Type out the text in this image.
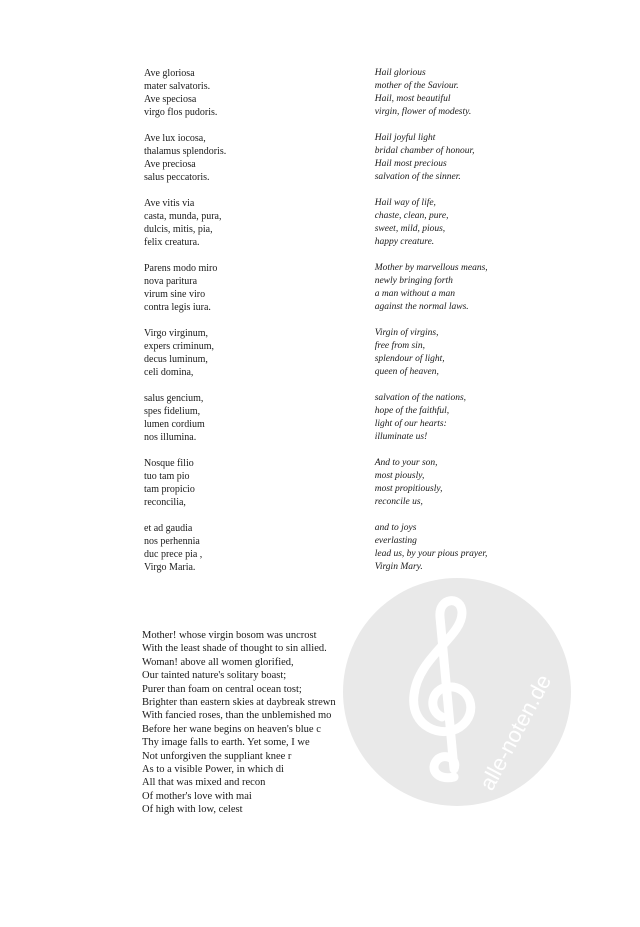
Ave gloriosa
mater salvatoris.
Ave speciosa
virgo flos pudoris.
Hail glorious
mother of the Saviour.
Hail, most beautiful
virgin, flower of modesty.
Ave lux iocosa,
thalamus splendoris.
Ave preciosa
salus peccatoris.
Hail joyful light
bridal chamber of honour,
Hail most precious
salvation of the sinner.
Ave vitis via
casta, munda, pura,
dulcis, mitis, pia,
felix creatura.
Hail way of life,
chaste, clean, pure,
sweet, mild, pious,
happy creature.
Parens modo miro
nova paritura
virum sine viro
contra legis iura.
Mother by marvellous means,
newly bringing forth
a man without a man
against the normal laws.
Virgo virginum,
expers criminum,
decus luminum,
celi domina,
Virgin of virgins,
free from sin,
splendour of light,
queen of heaven,
salus gencium,
spes fidelium,
lumen cordium
nos illumina.
salvation of the nations,
hope of the faithful,
light of our hearts:
illuminate us!
Nosque filio
tuo tam pio
tam propicio
reconcilia,
And to your son,
most piously,
most propitiously,
reconcile us,
et ad gaudia
nos perhennia
duc prece pia ,
Virgo Maria.
and to joys
everlasting
lead us, by your pious prayer,
Virgin Mary.
Mother! whose virgin bosom was uncrost
With the least shade of thought to sin allied.
Woman! above all women glorified,
Our tainted nature's solitary boast;
Purer than foam on central ocean tost;
Brighter than eastern skies at daybreak strewn
With fancied roses, than the unblemished mo
Before her wane begins on heaven's blue c
Thy image falls to earth. Yet some, I we
Not unforgiven the suppliant knee r
As to a visible Power, in which di
All that was mixed and recon
Of mother's love with mai
Of high with low, celest
alle-noten.de
